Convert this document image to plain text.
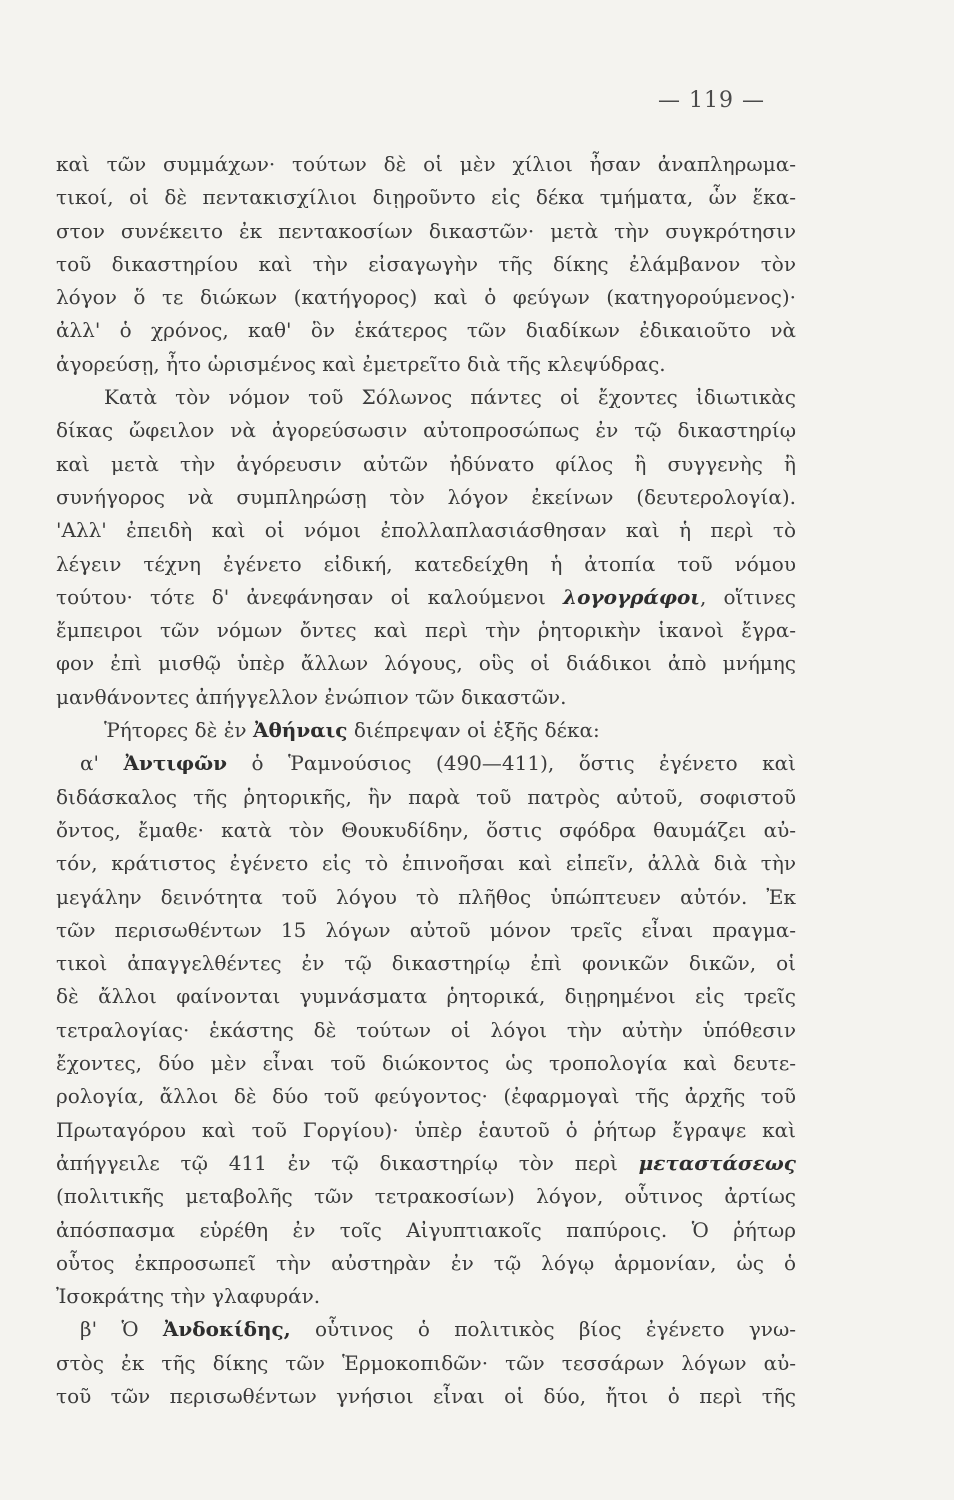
— 119 —
καὶ τῶν συμμάχων· τούτων δὲ οἱ μὲν χίλιοι ἦσαν ἀναπληρωμα-
τικοί, οἱ δὲ πεντακισχίλιοι διῃροῦντο εἰς δέκα τμήματα, ὧν ἕκα-
στον συνέκειτο ἐκ πεντακοσίων δικαστῶν· μετὰ τὴν συγκρότησιν
τοῦ δικαστηρίου καὶ τὴν εἰσαγωγὴν τῆς δίκης ἐλάμβανον τὸν
λόγον ὅ τε διώκων (κατήγορος) καὶ ὁ φεύγων (κατηγορούμενος)·
ἀλλ' ὁ χρόνος, καθ' ὃν ἑκάτερος τῶν διαδίκων ἐδικαιοῦτο νὰ
ἀγορεύσῃ, ἦτο ὡρισμένος καὶ ἐμετρεῖτο διὰ τῆς κλεψύδρας.
Κατὰ τὸν νόμον τοῦ Σόλωνος πάντες οἱ ἔχοντες ἰδιωτικὰς
δίκας ὤφειλον νὰ ἀγορεύσωσιν αὐτοπροσώπως ἐν τῷ δικαστηρίῳ
καὶ μετὰ τὴν ἀγόρευσιν αὐτῶν ἠδύνατο φίλος ἢ συγγενὴς ἢ
συνήγορος νὰ συμπληρώσῃ τὸν λόγον ἐκείνων (δευτερολογία).
'Αλλ' ἐπειδὴ καὶ οἱ νόμοι ἐπολλαπλασιάσθησαν καὶ ἡ περὶ τὸ
λέγειν τέχνη ἐγένετο εἰδική, κατεδείχθη ἡ ἀτοπία τοῦ νόμου
τούτου· τότε δ' ἀνεφάνησαν οἱ καλούμενοι λογογράφοι, οἵτινες
ἔμπειροι τῶν νόμων ὄντες καὶ περὶ τὴν ῥητορικὴν ἱκανοὶ ἔγρα-
φον ἐπὶ μισθῷ ὑπὲρ ἄλλων λόγους, οὓς οἱ διάδικοι ἀπὸ μνήμης
μανθάνοντες ἀπήγγελλον ἐνώπιον τῶν δικαστῶν.
Ῥήτορες δὲ ἐν Ἀθήναις διέπρεψαν οἱ ἑξῆς δέκα:
α' Ἀντιφῶν ὁ Ῥαμνούσιος (490—411), ὅστις ἐγένετο καὶ
διδάσκαλος τῆς ῥητορικῆς, ἣν παρὰ τοῦ πατρὸς αὐτοῦ, σοφιστοῦ
ὄντος, ἔμαθε· κατὰ τὸν Θουκυδίδην, ὅστις σφόδρα θαυμάζει αὐ-
τόν, κράτιστος ἐγένετο εἰς τὸ ἐπινοῆσαι καὶ εἰπεῖν, ἀλλὰ διὰ τὴν
μεγάλην δεινότητα τοῦ λόγου τὸ πλῆθος ὑπώπτευεν αὐτόν. Ἐκ
τῶν περισωθέντων 15 λόγων αὐτοῦ μόνον τρεῖς εἶναι πραγμα-
τικοὶ ἀπαγγελθέντες ἐν τῷ δικαστηρίῳ ἐπὶ φονικῶν δικῶν, οἱ
δὲ ἄλλοι φαίνονται γυμνάσματα ῥητορικά, διῃρημένοι εἰς τρεῖς
τετραλογίας· ἑκάστης δὲ τούτων οἱ λόγοι τὴν αὐτὴν ὑπόθεσιν
ἔχοντες, δύο μὲν εἶναι τοῦ διώκοντος ὡς τροπολογία καὶ δευτε-
ρολογία, ἄλλοι δὲ δύο τοῦ φεύγοντος· (ἐφαρμογαὶ τῆς ἀρχῆς τοῦ
Πρωταγόρου καὶ τοῦ Γοργίου)· ὑπὲρ ἑαυτοῦ ὁ ῥήτωρ ἔγραψε καὶ
ἀπήγγειλε τῷ 411 ἐν τῷ δικαστηρίῳ τὸν περὶ μεταστάσεως
(πολιτικῆς μεταβολῆς τῶν τετρακοσίων) λόγον, οὗτινος ἀρτίως
ἀπόσπασμα εὑρέθη ἐν τοῖς Αἰγυπτιακοῖς παπύροις. Ὁ ῥήτωρ
οὗτος ἐκπροσωπεῖ τὴν αὐστηρὰν ἐν τῷ λόγῳ ἁρμονίαν, ὡς ὁ
Ἰσοκράτης τὴν γλαφυράν.
β' Ὁ Ἀνδοκίδης, οὗτινος ὁ πολιτικὸς βίος ἐγένετο γνω-
στὸς ἐκ τῆς δίκης τῶν Ἑρμοκοπιδῶν· τῶν τεσσάρων λόγων αὐ-
τοῦ τῶν περισωθέντων γνήσιοι εἶναι οἱ δύο, ἤτοι ὁ περὶ τῆς
